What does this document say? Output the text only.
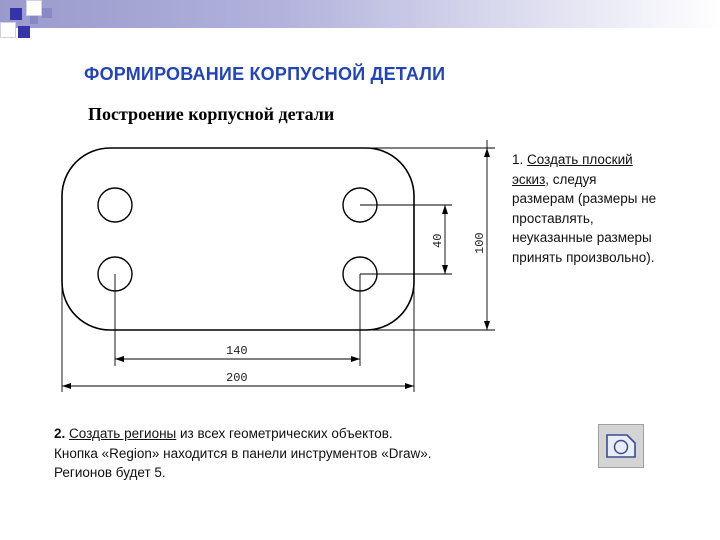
ФОРМИРОВАНИЕ КОРПУСНОЙ ДЕТАЛИ
Построение корпусной детали
140
200
40 100
1. Создать плоский эскиз, следуя размерам (размеры не проставлять, неуказанные размеры принять произвольно).
2. Создать регионы из всех геометрических объектов.
Кнопка «Region» находится в панели инструментов «Draw».
Регионов будет 5.
